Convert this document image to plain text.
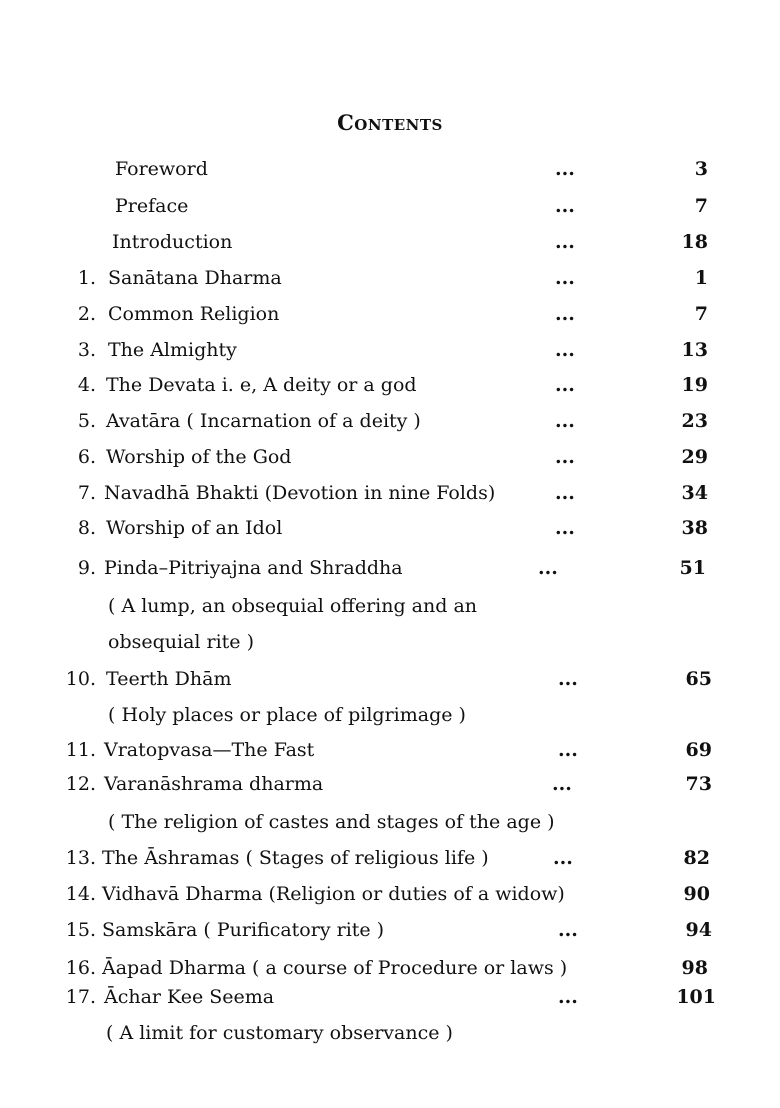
Contents
Foreword	...	3
Preface	...	7
Introduction	...	18
1. Sanātana Dharma	...	1
2. Common Religion	...	7
3. The Almighty	...	13
4. The Devata i. e, A deity or a god	...	19
5. Avatāra ( Incarnation of a deity )	...	23
6. Worship of the God	...	29
7. Navadhā Bhakti (Devotion in nine Folds)	...	34
8. Worship of an Idol	...	38
9. Pinda–Pitriyajna and Shraddha	...	51
( A lump, an obsequial offering and an
obsequial rite )
10. Teerth Dhām	...	65
( Holy places or place of pilgrimage )
11. Vratopvasa—The Fast	...	69
12. Varanāshrama dharma	...	73
( The religion of castes and stages of the age )
13. The Āshramas ( Stages of religious life )	...	82
14. Vidhavā Dharma (Religion or duties of a widow)	90
15. Samskāra ( Purificatory rite )	...	94
16. Āapad Dharma ( a course of Procedure or laws )	98
17. Āchar Kee Seema	...	101
( A limit for customary observance )
